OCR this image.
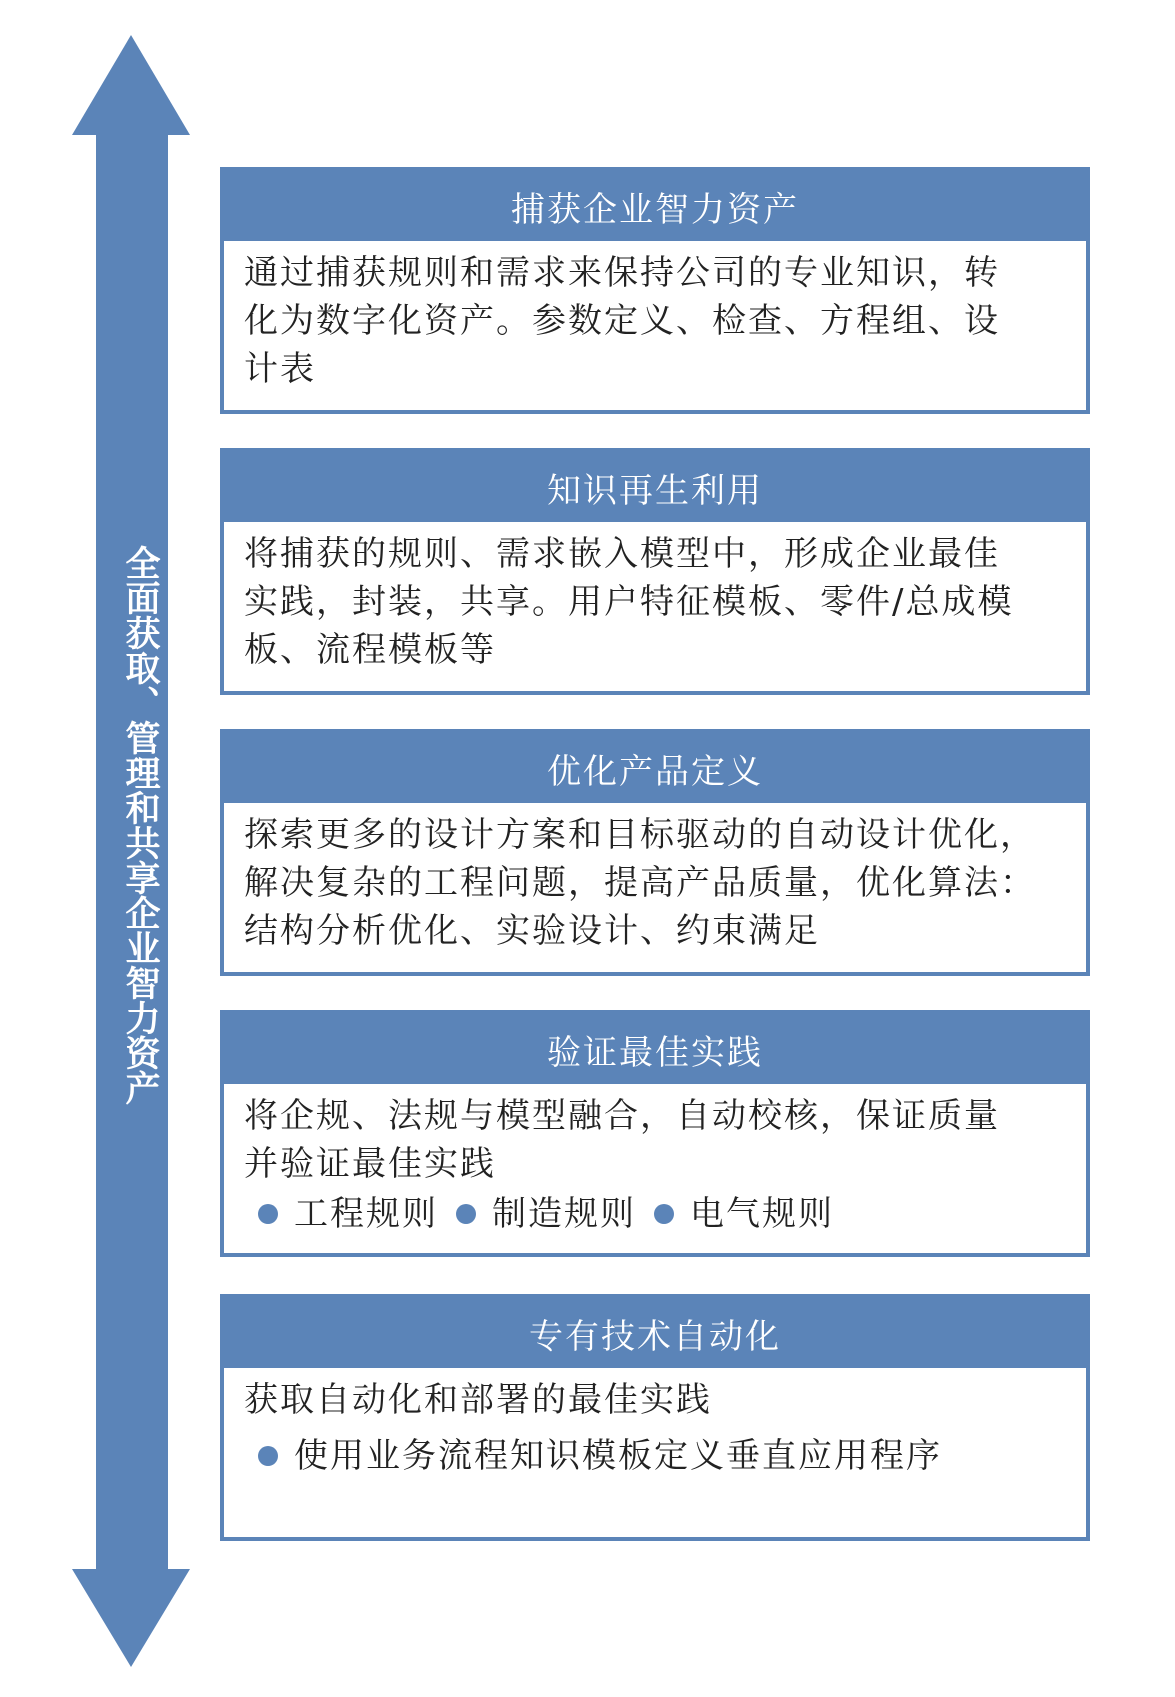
全面获取、管理和共享企业智力资产
捕获企业智力资产
通过捕获规则和需求来保持公司的专业知识，转
化为数字化资产。参数定义、检查、方程组、设
计表
知识再生利用
将捕获的规则、需求嵌入模型中，形成企业最佳
实践，封装，共享。用户特征模板、零件/总成模
板、流程模板等
优化产品定义
探索更多的设计方案和目标驱动的自动设计优化，
解决复杂的工程问题，提高产品质量，优化算法：
结构分析优化、实验设计、约束满足
验证最佳实践
将企规、法规与模型融合，自动校核，保证质量
并验证最佳实践
工程规则 制造规则 电气规则
专有技术自动化
获取自动化和部署的最佳实践
使用业务流程知识模板定义垂直应用程序
